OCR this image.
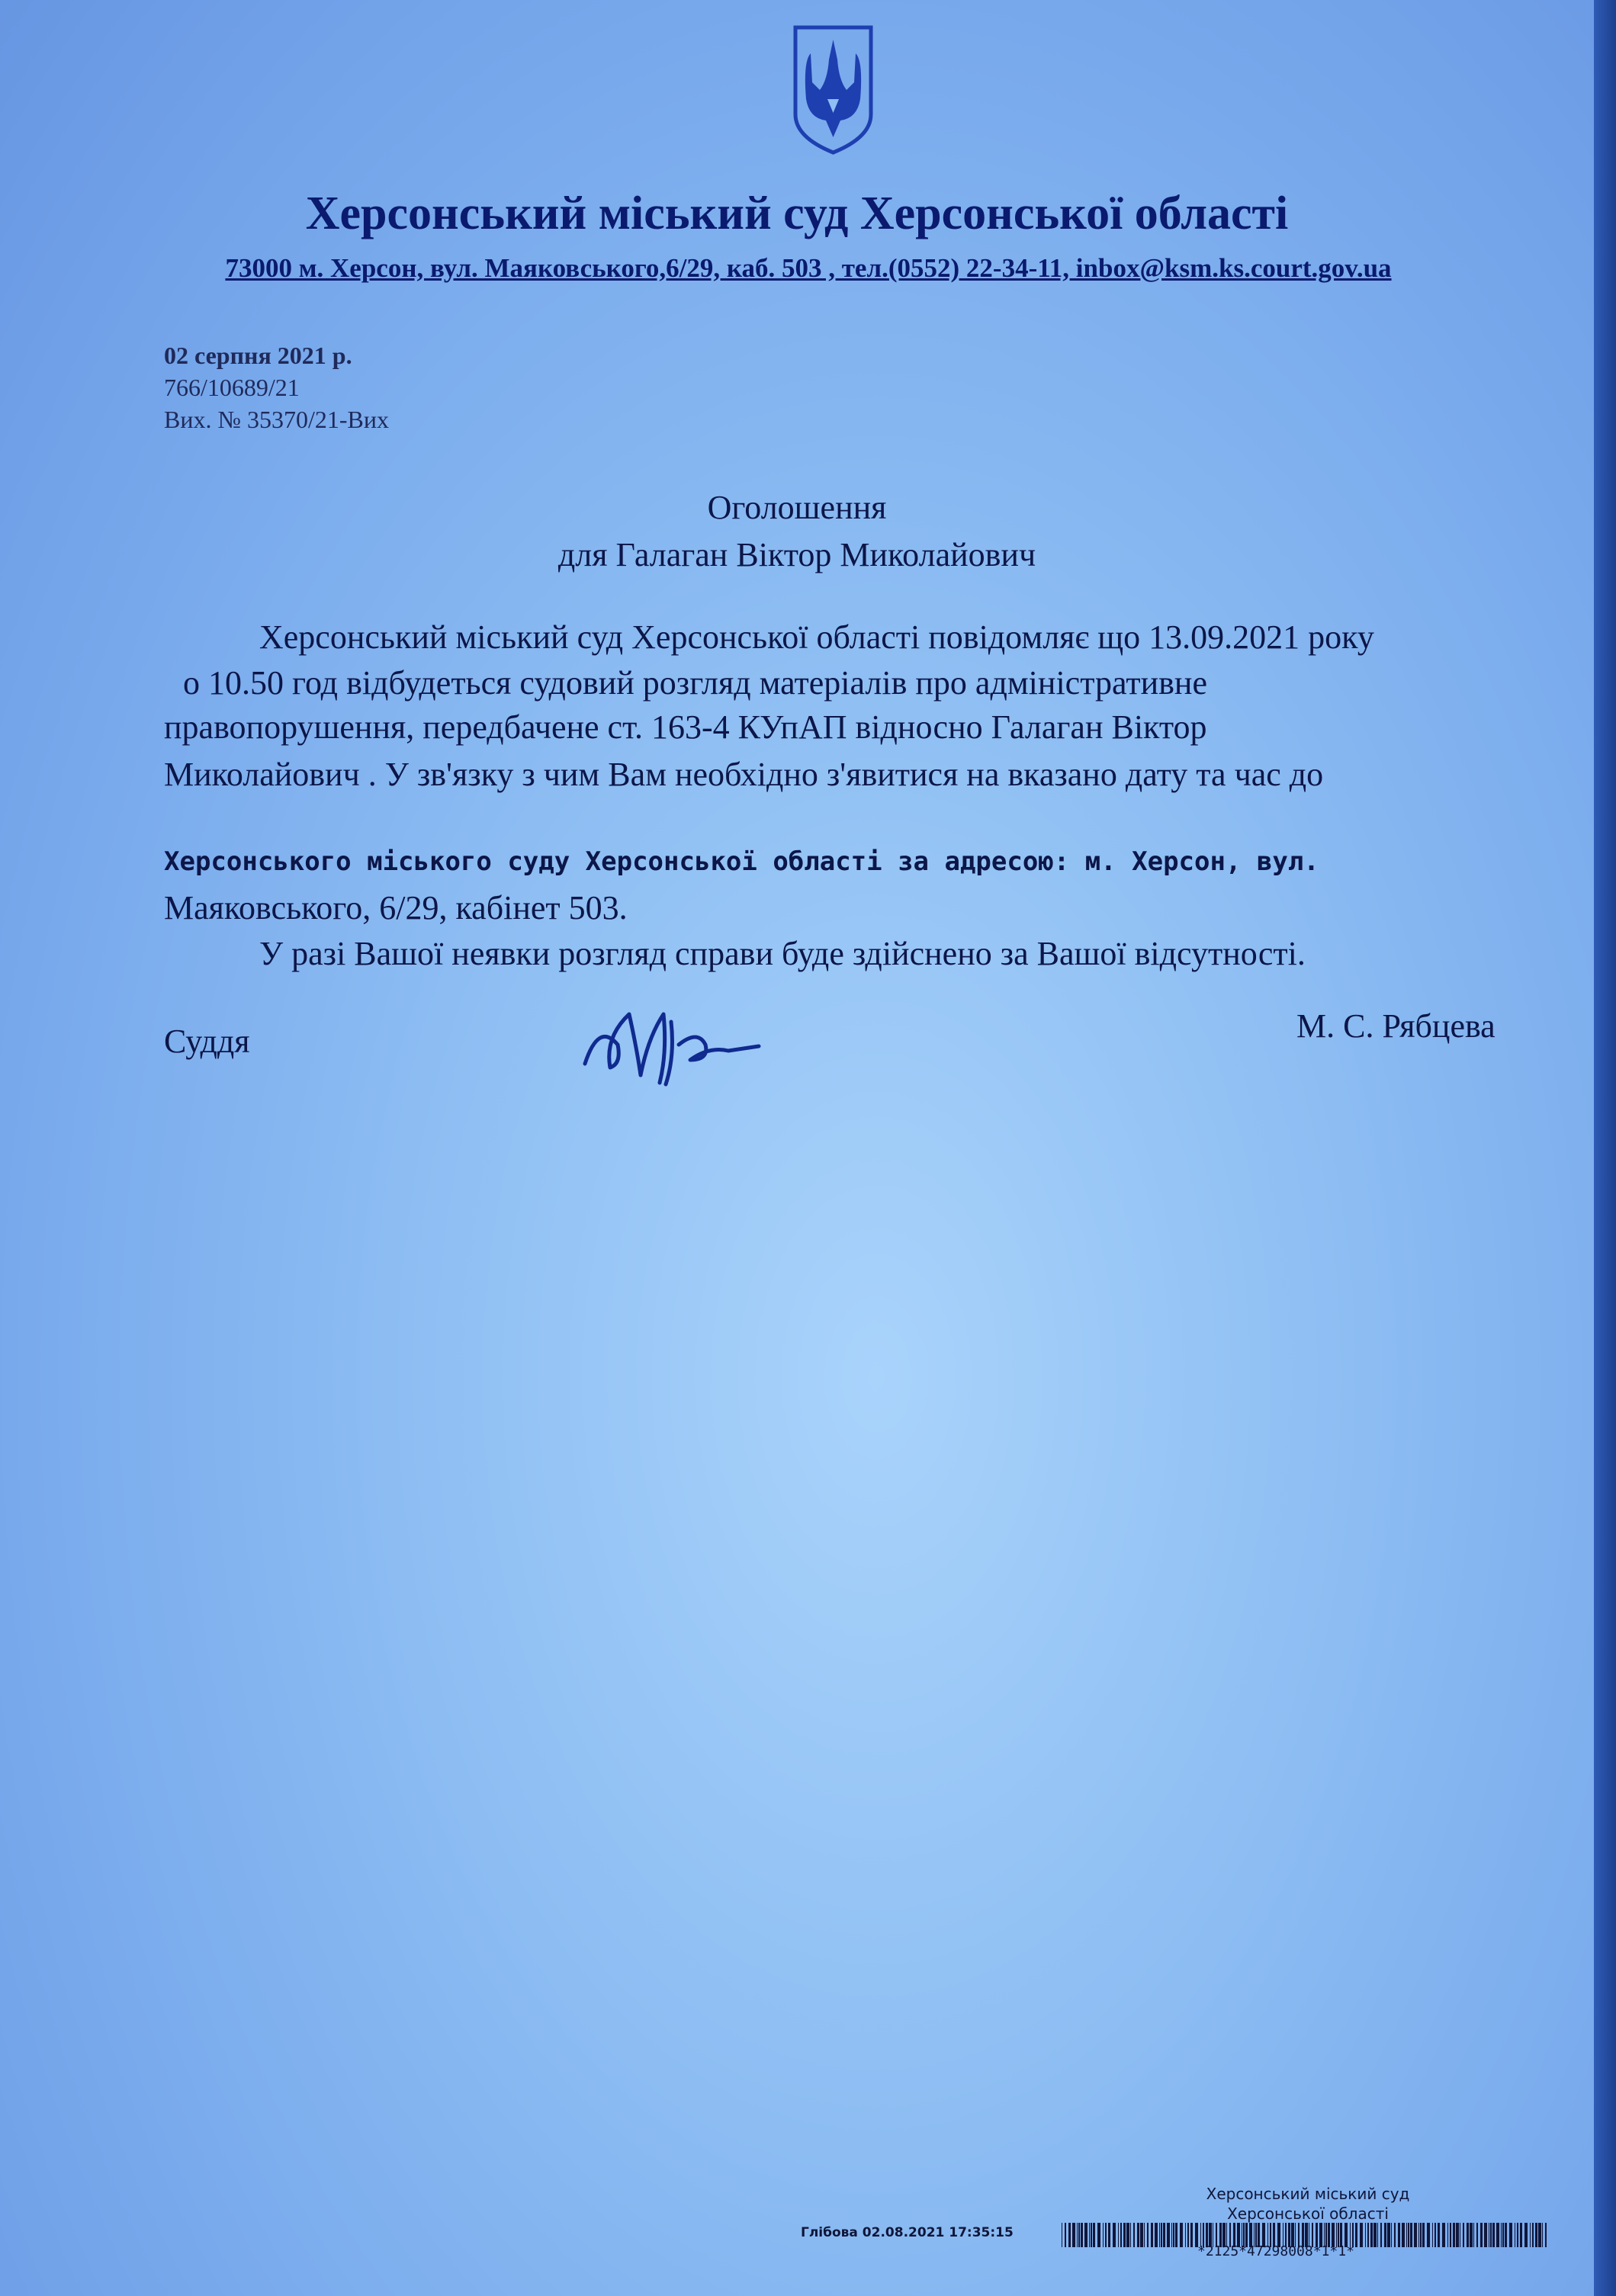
Херсонський міський суд Херсонської області
73000 м. Херсон, вул. Маяковського,6/29, каб. 503 , тел.(0552) 22-34-11, inbox@ksm.ks.court.gov.ua
02 серпня 2021 р.
766/10689/21
Вих. № 35370/21-Вих
Оголошення
для Галаган Віктор Миколайович
Херсонський міський суд Херсонської області повідомляє що 13.09.2021 року
о 10.50 год відбудеться судовий розгляд матеріалів про адміністративне
правопорушення, передбачене ст. 163-4 КУпАП відносно Галаган Віктор
Миколайович . У зв'язку з чим Вам необхідно з'явитися на вказано дату та час до
Херсонського міського суду Херсонської області за адресою: м. Херсон, вул.
Маяковського, 6/29, кабінет 503.
У разі Вашої неявки розгляд справи буде здійснено за Вашої відсутності.
Суддя	М. С. Рябцева
Херсонський міський суд
Херсонської області
Глібова 02.08.2021 17:35:15
*2125*47298008*1*1*
